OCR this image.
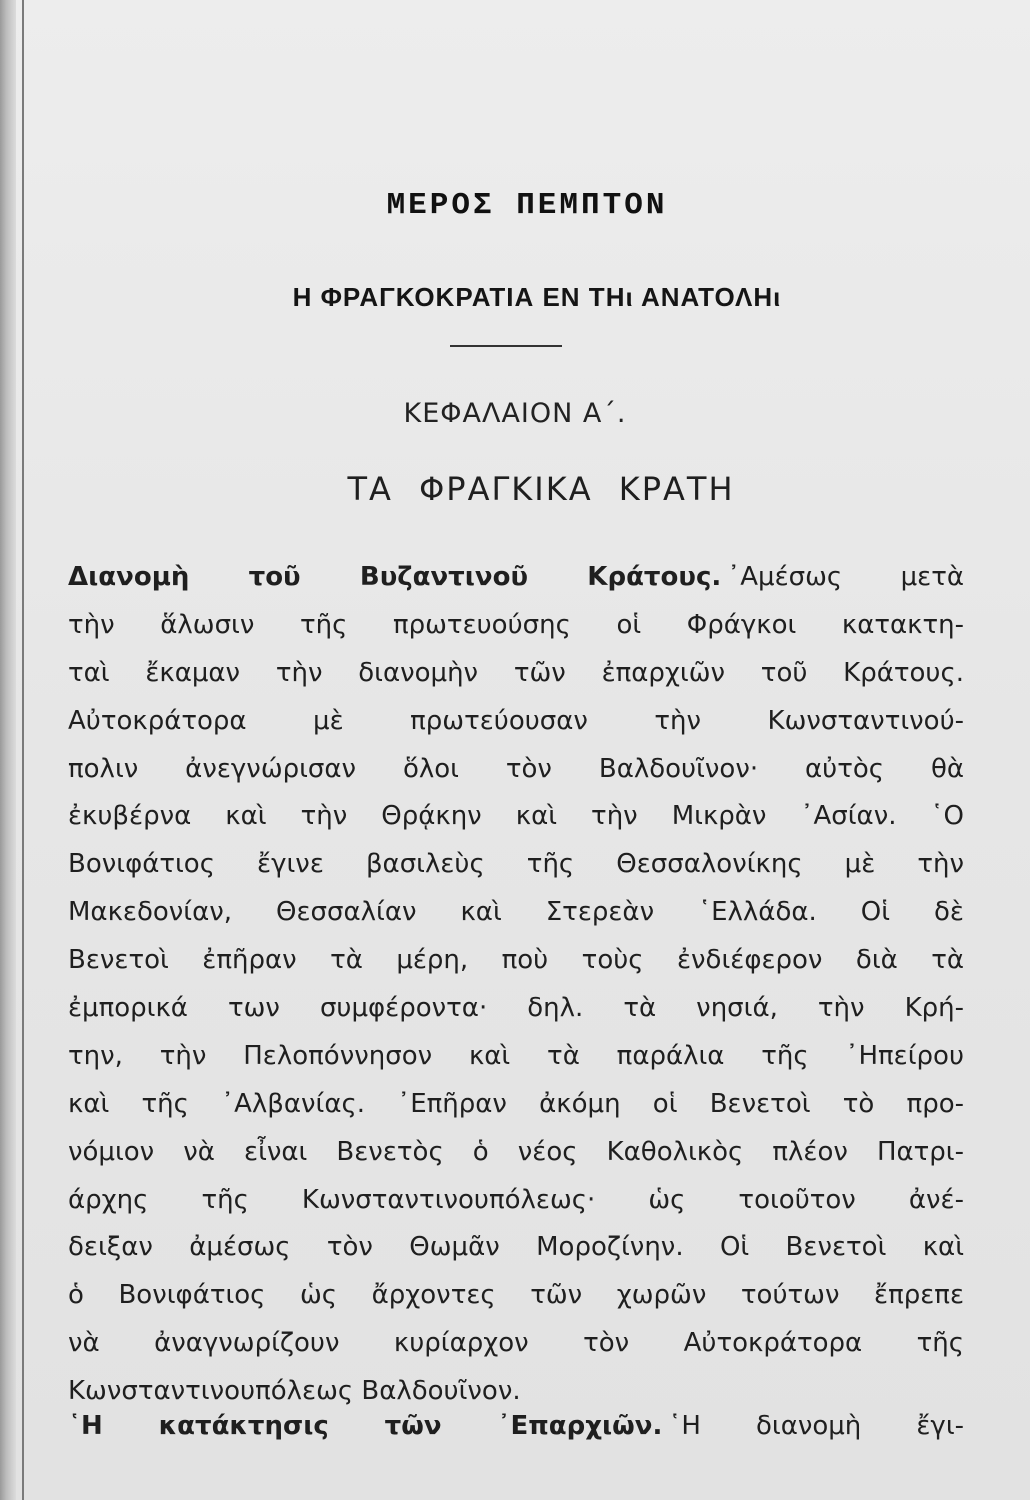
ΜΕΡΟΣ ΠΕΜΠΤΟΝ
Η ΦΡΑΓΚΟΚΡΑΤΙΑ ΕΝ ΤΗι ΑΝΑΤΟΛΗι
ΚΕΦΑΛΑΙΟΝ Α΄.
ΤΑ ΦΡΑΓΚΙΚΑ ΚΡΑΤΗ
Διανομὴ τοῦ Βυζαντινοῦ Κράτους. ᾿Αμέσως μετὰ
τὴν ἅλωσιν τῆς πρωτευούσης οἱ Φράγκοι κατακτη-
ταὶ ἔκαμαν τὴν διανομὴν τῶν ἐπαρχιῶν τοῦ Κράτους.
Αὐτοκράτορα μὲ πρωτεύουσαν τὴν Κωνσταντινού-
πολιν ἀνεγνώρισαν ὅλοι τὸν Βαλδουῖνον· αὐτὸς θὰ
ἐκυβέρνα καὶ τὴν Θρᾴκην καὶ τὴν Μικρὰν ᾿Ασίαν. ῾Ο
Βονιφάτιος ἔγινε βασιλεὺς τῆς Θεσσαλονίκης μὲ τὴν
Μακεδονίαν, Θεσσαλίαν καὶ Στερεὰν ῾Ελλάδα. Οἱ δὲ
Βενετοὶ ἐπῆραν τὰ μέρη, ποὺ τοὺς ἐνδιέφερον διὰ τὰ
ἐμπορικά των συμφέροντα· δηλ. τὰ νησιά, τὴν Κρή-
την, τὴν Πελοπόννησον καὶ τὰ παράλια τῆς ᾿Ηπείρου
καὶ τῆς ᾿Αλβανίας. ᾿Επῆραν ἀκόμη οἱ Βενετοὶ τὸ προ-
νόμιον νὰ εἶναι Βενετὸς ὁ νέος Καθολικὸς πλέον Πατρι-
άρχης τῆς Κωνσταντινουπόλεως· ὡς τοιοῦτον ἀνέ-
δειξαν ἀμέσως τὸν Θωμᾶν Μοροζίνην. Οἱ Βενετοὶ καὶ
ὁ Βονιφάτιος ὡς ἄρχοντες τῶν χωρῶν τούτων ἔπρεπε
νὰ ἀναγνωρίζουν κυρίαρχον τὸν Αὐτοκράτορα τῆς
Κωνσταντινουπόλεως Βαλδουῖνον.
῾Η κατάκτησις τῶν ᾿Επαρχιῶν. ῾Η διανομὴ ἔγι-
